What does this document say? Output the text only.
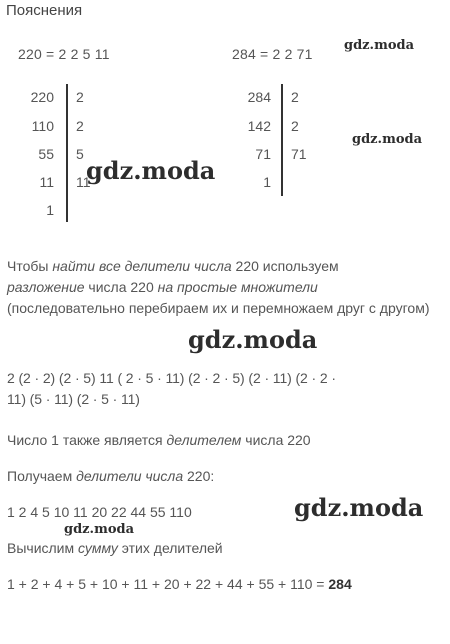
Пояснения
220 = 2 2 5 11	284 = 2 2 71
220
110
55
11
1
2
2
5
11
284
142
71
1
2
2
71
Чтобы найти все делители числа 220 используем
разложение числа 220 на простые множители
(последовательно перебираем их и перемножаем друг с другом)
2 (2 · 2) (2 · 5) 11 ( 2 · 5 · 11) (2 · 2 · 5) (2 · 11) (2 · 2 ·
11) (5 · 11) (2 · 5 · 11)
Число 1 также является делителем числа 220
Получаем делители числа 220:
1 2 4 5 10 11 20 22 44 55 110
Вычислим сумму этих делителей
1 + 2 + 4 + 5 + 10 + 11 + 20 + 22 + 44 + 55 + 110 = 284
gdz.moda
gdz.moda
gdz.moda
gdz.moda
gdz.moda
gdz.moda
